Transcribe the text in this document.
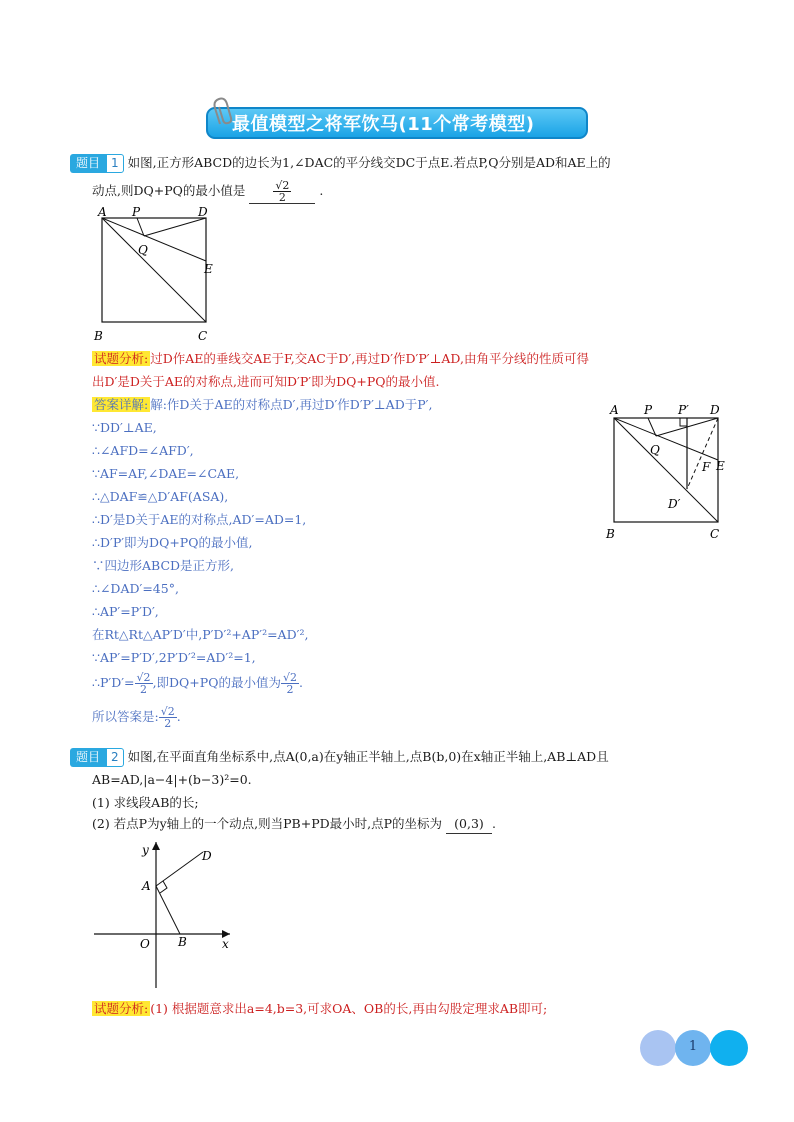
最值模型之将军饮马(11个常考模型)
题目 1 如图,正方形ABCD的边长为1,∠DAC的平分线交DC于点E.若点P,Q分别是AD和AE上的
动点,则DQ+PQ的最小值是	$\frac{√2}{2}$ .
A P	D
Q
E
B	C
试题分析: 过D作AE的垂线交AE于F,交AC于D′,再过D′作D′P′⊥AD,由角平分线的性质可得
出D′是D关于AE的对称点,进而可知D′P′即为DQ+PQ的最小值.
答案详解: 解:作D关于AE的对称点D′,再过D′作D′P′⊥AD于P′,
∵DD′⊥AE,
∴∠AFD=∠AFD′,
∵AF=AF,∠DAE=∠CAE,
∴△DAF≌△D′AF(ASA),
∴D′是D关于AE的对称点,AD′=AD=1,
∴D′P′即为DQ+PQ的最小值,
∵四边形ABCD是正方形,
∴∠DAD′=45°,
∴AP′=P′D′,
在Rt△Rt△AP′D′中,P′D′²+AP′²=AD′²,
∵AP′=P′D′,2P′D′²=AD′²=1,
∴P′D′= $\frac{√2}{2}$ ,即DQ+PQ的最小值为 $\frac{√2}{2}$ .
所以答案是: $\frac{√2}{2}$ .
A P P′ D
Q
F E
D′
B	C
题目 2 如图,在平面直角坐标系中,点A(0,a)在y轴正半轴上,点B(b,0)在x轴正半轴上,AB⊥AD且
AB=AD,|a−4|+(b−3)²=0.
(1) 求线段AB的长;
(2) 若点P为y轴上的一个动点,则当PB+PD最小时,点P的坐标为 (0,3) .
y	D
A
O B	x
试题分析: (1) 根据题意求出a=4,b=3,可求OA、OB的长,再由勾股定理求AB即可;
1
